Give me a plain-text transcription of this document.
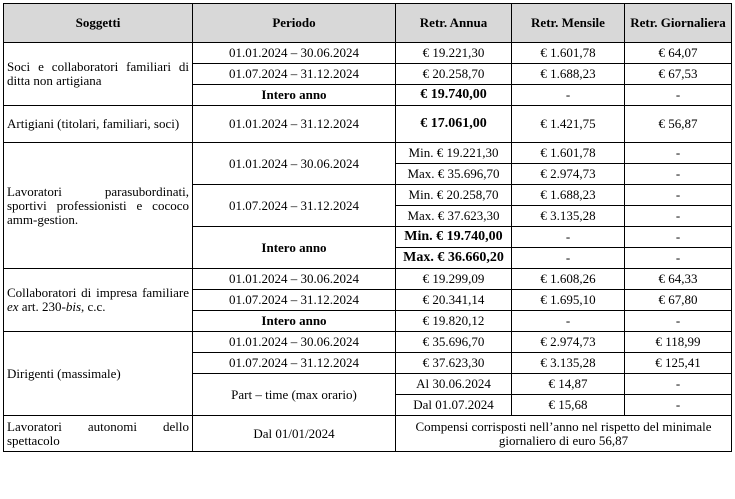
Soggetti	Periodo	Retr. Annua	Retr. Mensile	Retr. Giornaliera

Soci e collaboratori familiari di ditta non artigiana	01.01.2024 – 30.06.2024	€ 19.221,30	€ 1.601,78	€ 64,07
	01.07.2024 – 31.12.2024	€ 20.258,70	€ 1.688,23	€ 67,53
	Intero anno	€ 19.740,00	-	-
Artigiani (titolari, familiari, soci)	01.01.2024 – 31.12.2024	€ 17.061,00	€ 1.421,75	€ 56,87

Lavoratori parasubordinati, sportivi professionisti e cococo amm-gestion.	01.01.2024 – 30.06.2024	Min. € 19.221,30	€ 1.601,78	-
		Max. € 35.696,70	€ 2.974,73	-
	01.07.2024 – 31.12.2024	Min. € 20.258,70	€ 1.688,23	-
		Max. € 37.623,30	€ 3.135,28	-
	Intero anno	Min. € 19.740,00	-	-
		Max. € 36.660,20	-	-

Collaboratori di impresa familiare ex art. 230-bis, c.c.	01.01.2024 – 30.06.2024	€ 19.299,09	€ 1.608,26	€ 64,33
	01.07.2024 – 31.12.2024	€ 20.341,14	€ 1.695,10	€ 67,80
	Intero anno	€ 19.820,12	-	-
Dirigenti (massimale)	01.01.2024 – 30.06.2024	€ 35.696,70	€ 2.974,73	€ 118,99
	01.07.2024 – 31.12.2024	€ 37.623,30	€ 3.135,28	€ 125,41
	Part – time (max orario)	Al 30.06.2024	€ 14,87	-
		Dal 01.07.2024	€ 15,68	-

Lavoratori autonomi dello spettacolo	Dal 01/01/2024	Compensi corrisposti nell’anno nel rispetto del minimale giornaliero di euro 56,87		
